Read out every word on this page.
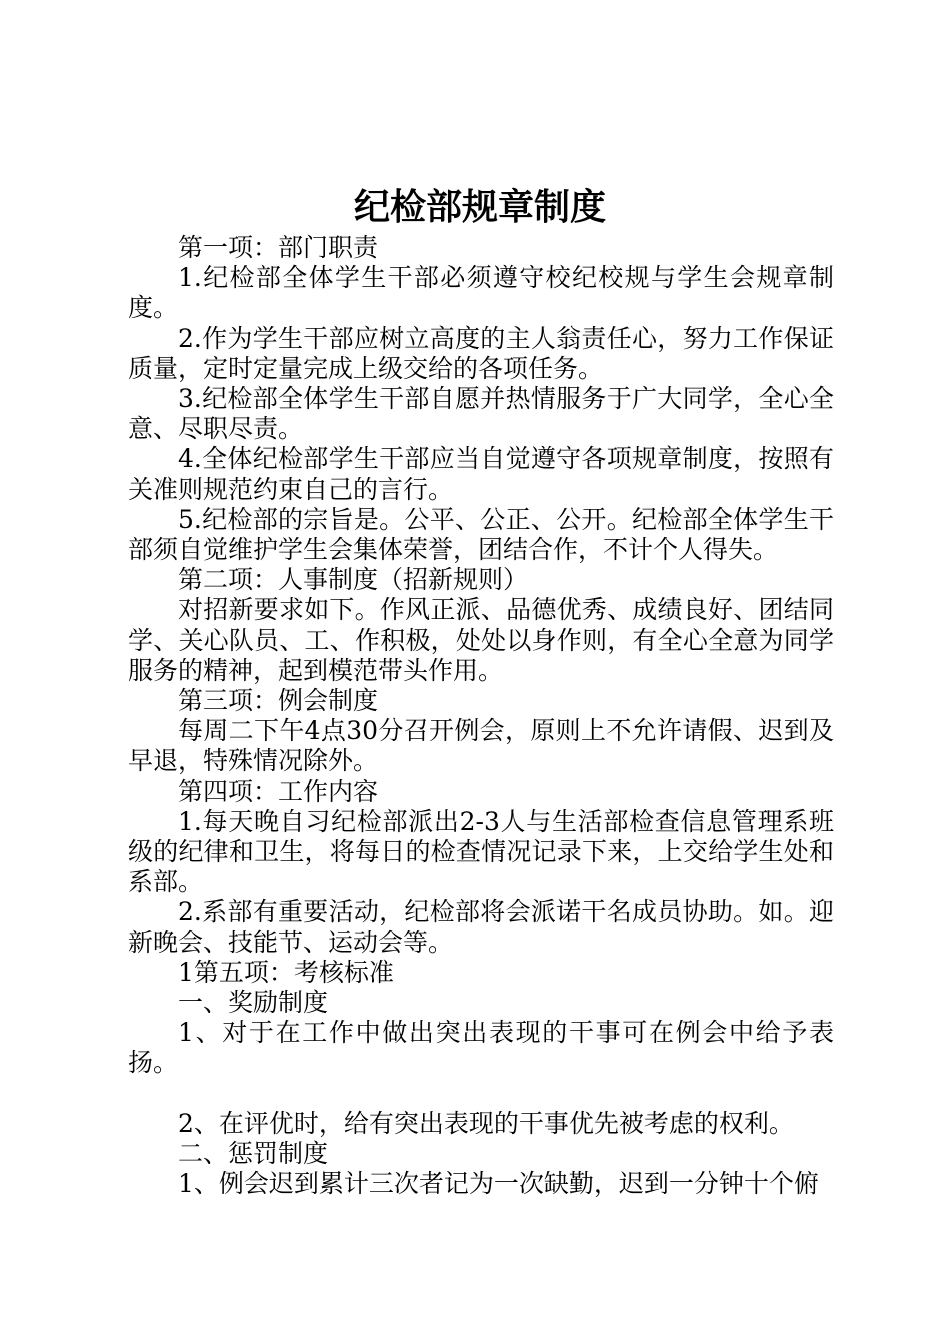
纪检部规章制度

第一项：部门职责

1.纪检部全体学生干部必须遵守校纪校规与学生会规章制度。

2.作为学生干部应树立高度的主人翁责任心，努力工作保证质量，定时定量完成上级交给的各项任务。

3.纪检部全体学生干部自愿并热情服务于广大同学，全心全意、尽职尽责。

4.全体纪检部学生干部应当自觉遵守各项规章制度，按照有关准则规范约束自己的言行。

5.纪检部的宗旨是。公平、公正、公开。纪检部全体学生干部须自觉维护学生会集体荣誉，团结合作，不计个人得失。

第二项：人事制度（招新规则）

对招新要求如下。作风正派、品德优秀、成绩良好、团结同学、关心队员、工、作积极，处处以身作则，有全心全意为同学服务的精神，起到模范带头作用。

第三项：例会制度

每周二下午4点30分召开例会，原则上不允许请假、迟到及早退，特殊情况除外。

第四项：工作内容

1.每天晚自习纪检部派出2-3人与生活部检查信息管理系班级的纪律和卫生，将每日的检查情况记录下来，上交给学生处和系部。

2.系部有重要活动，纪检部将会派诺干名成员协助。如。迎新晚会、技能节、运动会等。

1第五项：考核标准

一、奖励制度

1、对于在工作中做出突出表现的干事可在例会中给予表扬。

2、在评优时，给有突出表现的干事优先被考虑的权利。

二、惩罚制度

1、例会迟到累计三次者记为一次缺勤，迟到一分钟十个俯
